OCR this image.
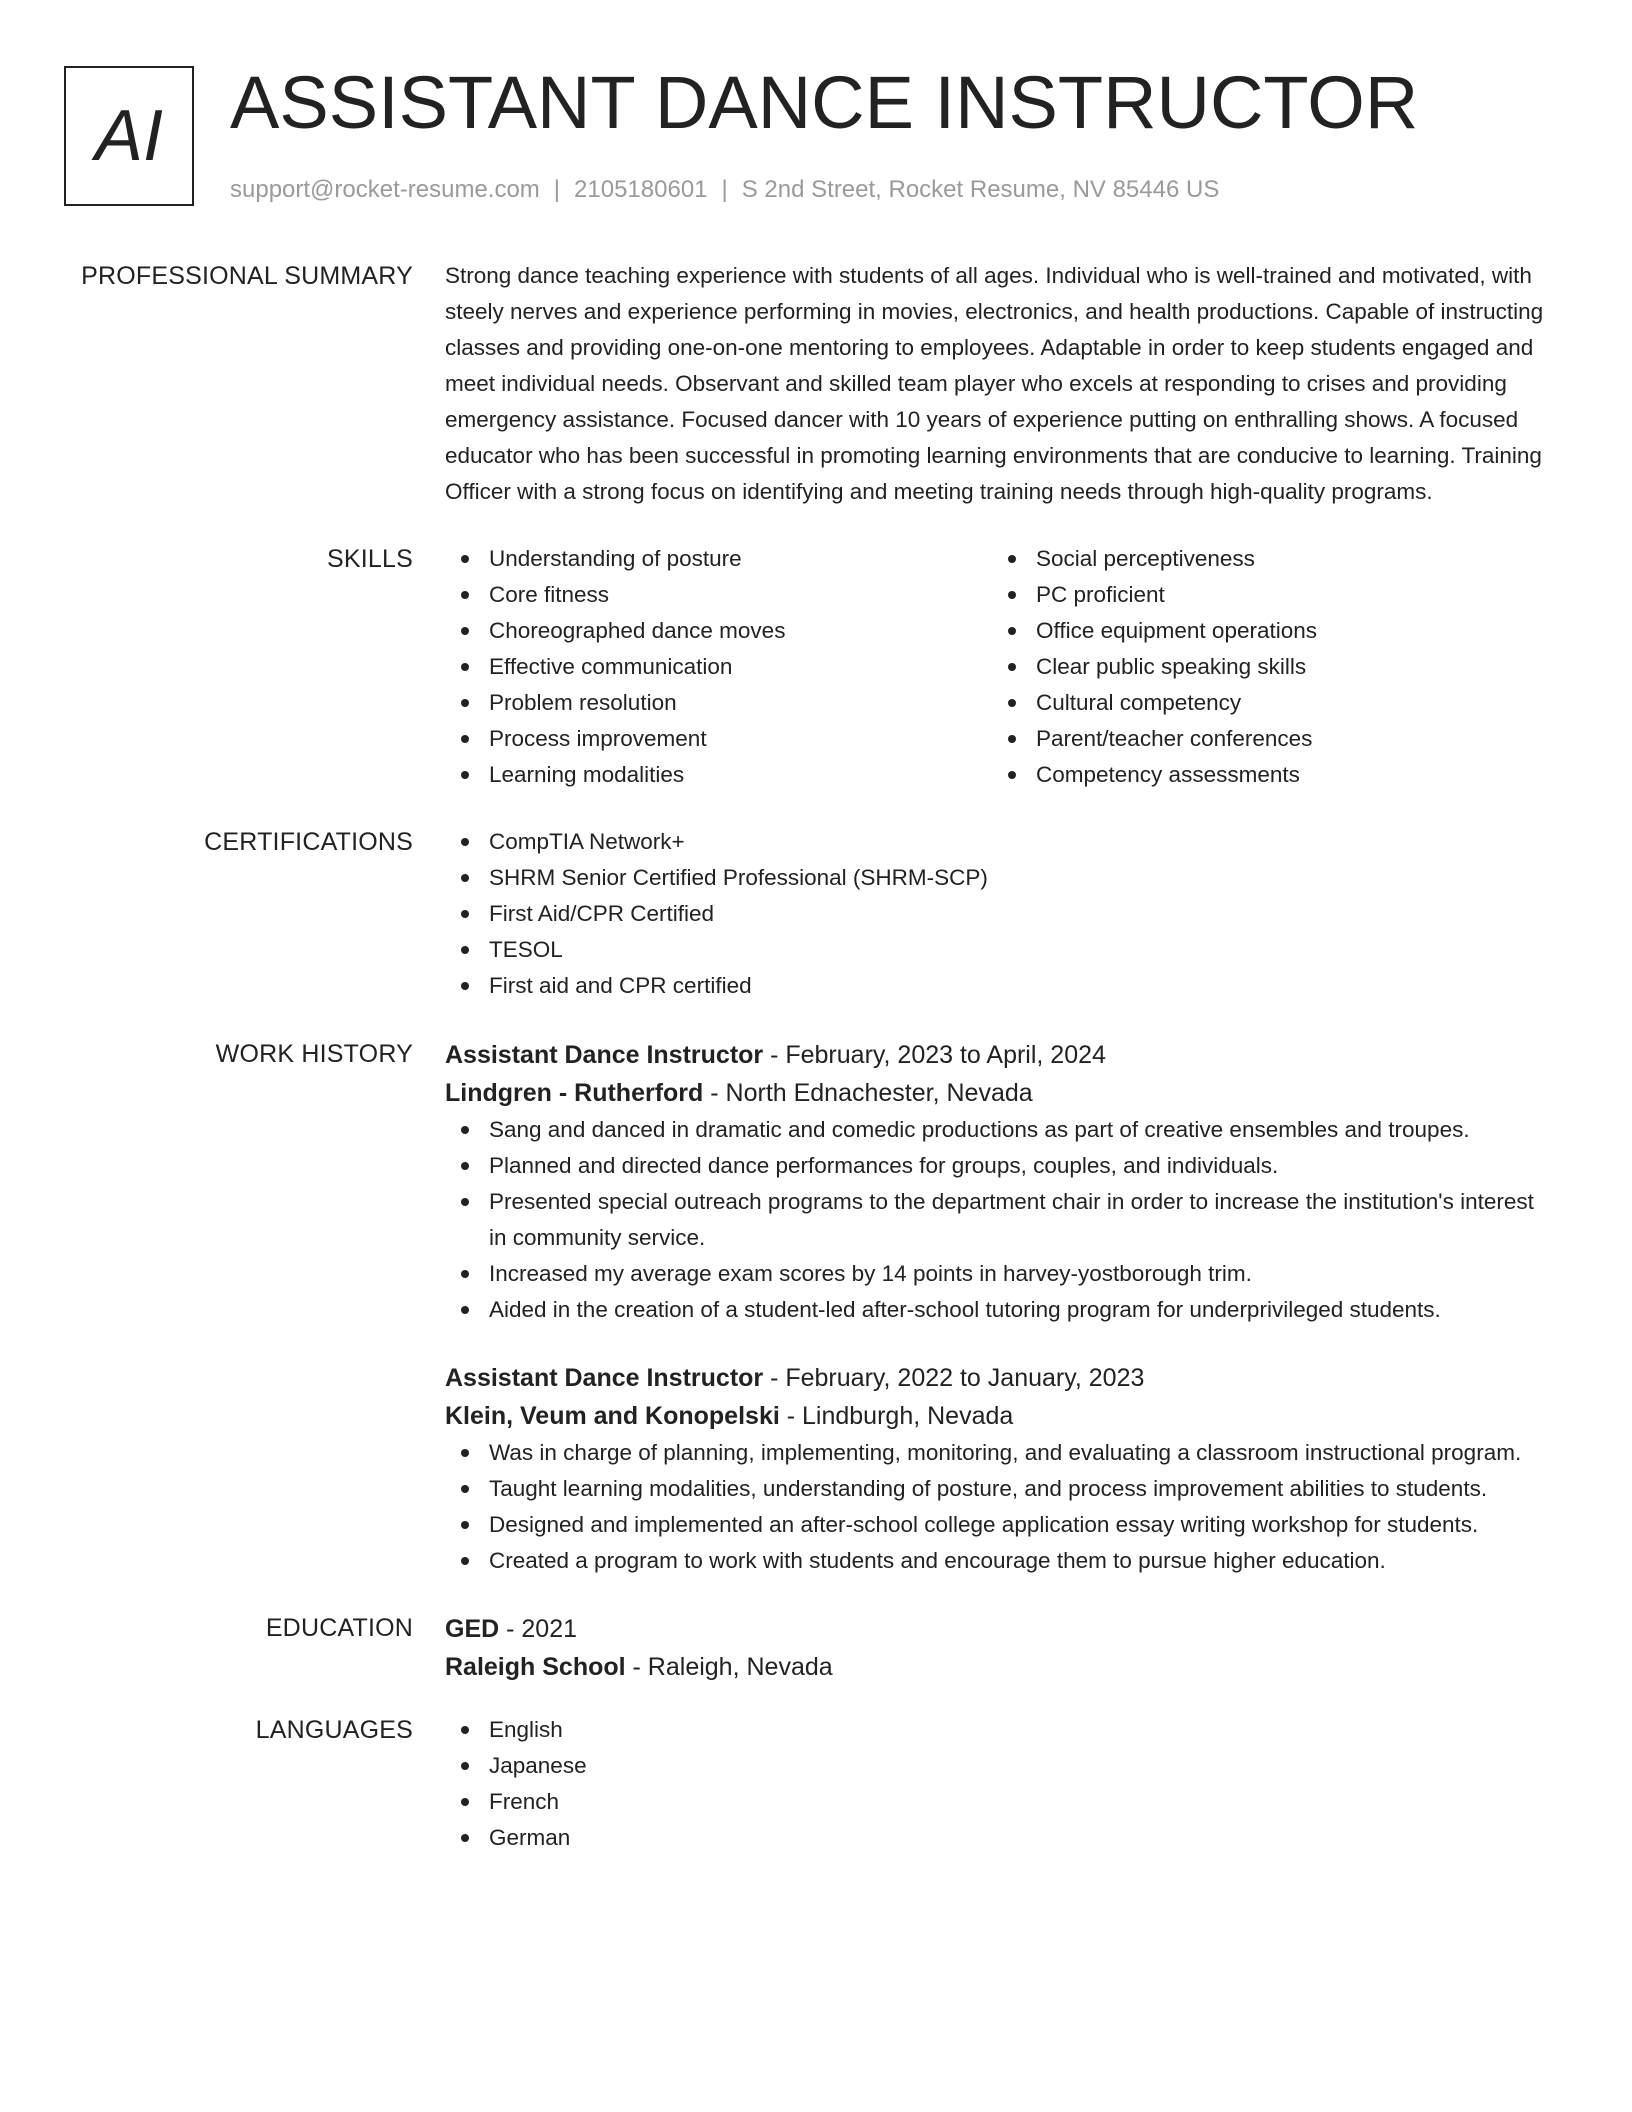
AI ASSISTANT DANCE INSTRUCTOR
support@rocket-resume.com | 2105180601 | S 2nd Street, Rocket Resume, NV 85446 US
PROFESSIONAL SUMMARY Strong dance teaching experience with students of all ages. Individual who is well-trained and motivated, with steely nerves and experience performing in movies, electronics, and health productions. Capable of instructing classes and providing one-on-one mentoring to employees. Adaptable in order to keep students engaged and meet individual needs. Observant and skilled team player who excels at responding to crises and providing emergency assistance. Focused dancer with 10 years of experience putting on enthralling shows. A focused educator who has been successful in promoting learning environments that are conducive to learning. Training Officer with a strong focus on identifying and meeting training needs through high-quality programs.

SKILLS	Understanding of posture
Core fitness
Choreographed dance moves
Effective communication
Problem resolution
Process improvement
Learning modalities
Social perceptiveness
PC proficient
Office equipment operations
Clear public speaking skills
Cultural competency
Parent/teacher conferences
Competency assessments
CERTIFICATIONS	CompTIA Network+
SHRM Senior Certified Professional (SHRM-SCP)
First Aid/CPR Certified
TESOL
First aid and CPR certified
WORK HISTORY Assistant Dance Instructor - February, 2023 to April, 2024
Lindgren - Rutherford - North Ednachester, Nevada
Sang and danced in dramatic and comedic productions as part of creative ensembles and troupes.
Planned and directed dance performances for groups, couples, and individuals.
Presented special outreach programs to the department chair in order to increase the institution's interest in community service.
Increased my average exam scores by 14 points in harvey-yostborough trim.
Aided in the creation of a student-led after-school tutoring program for underprivileged students.
Assistant Dance Instructor - February, 2022 to January, 2023
Klein, Veum and Konopelski - Lindburgh, Nevada
Was in charge of planning, implementing, monitoring, and evaluating a classroom instructional program.
Taught learning modalities, understanding of posture, and process improvement abilities to students.
Designed and implemented an after-school college application essay writing workshop for students.
Created a program to work with students and encourage them to pursue higher education.
EDUCATION GED - 2021
Raleigh School - Raleigh, Nevada
LANGUAGES	English
Japanese
French
German
